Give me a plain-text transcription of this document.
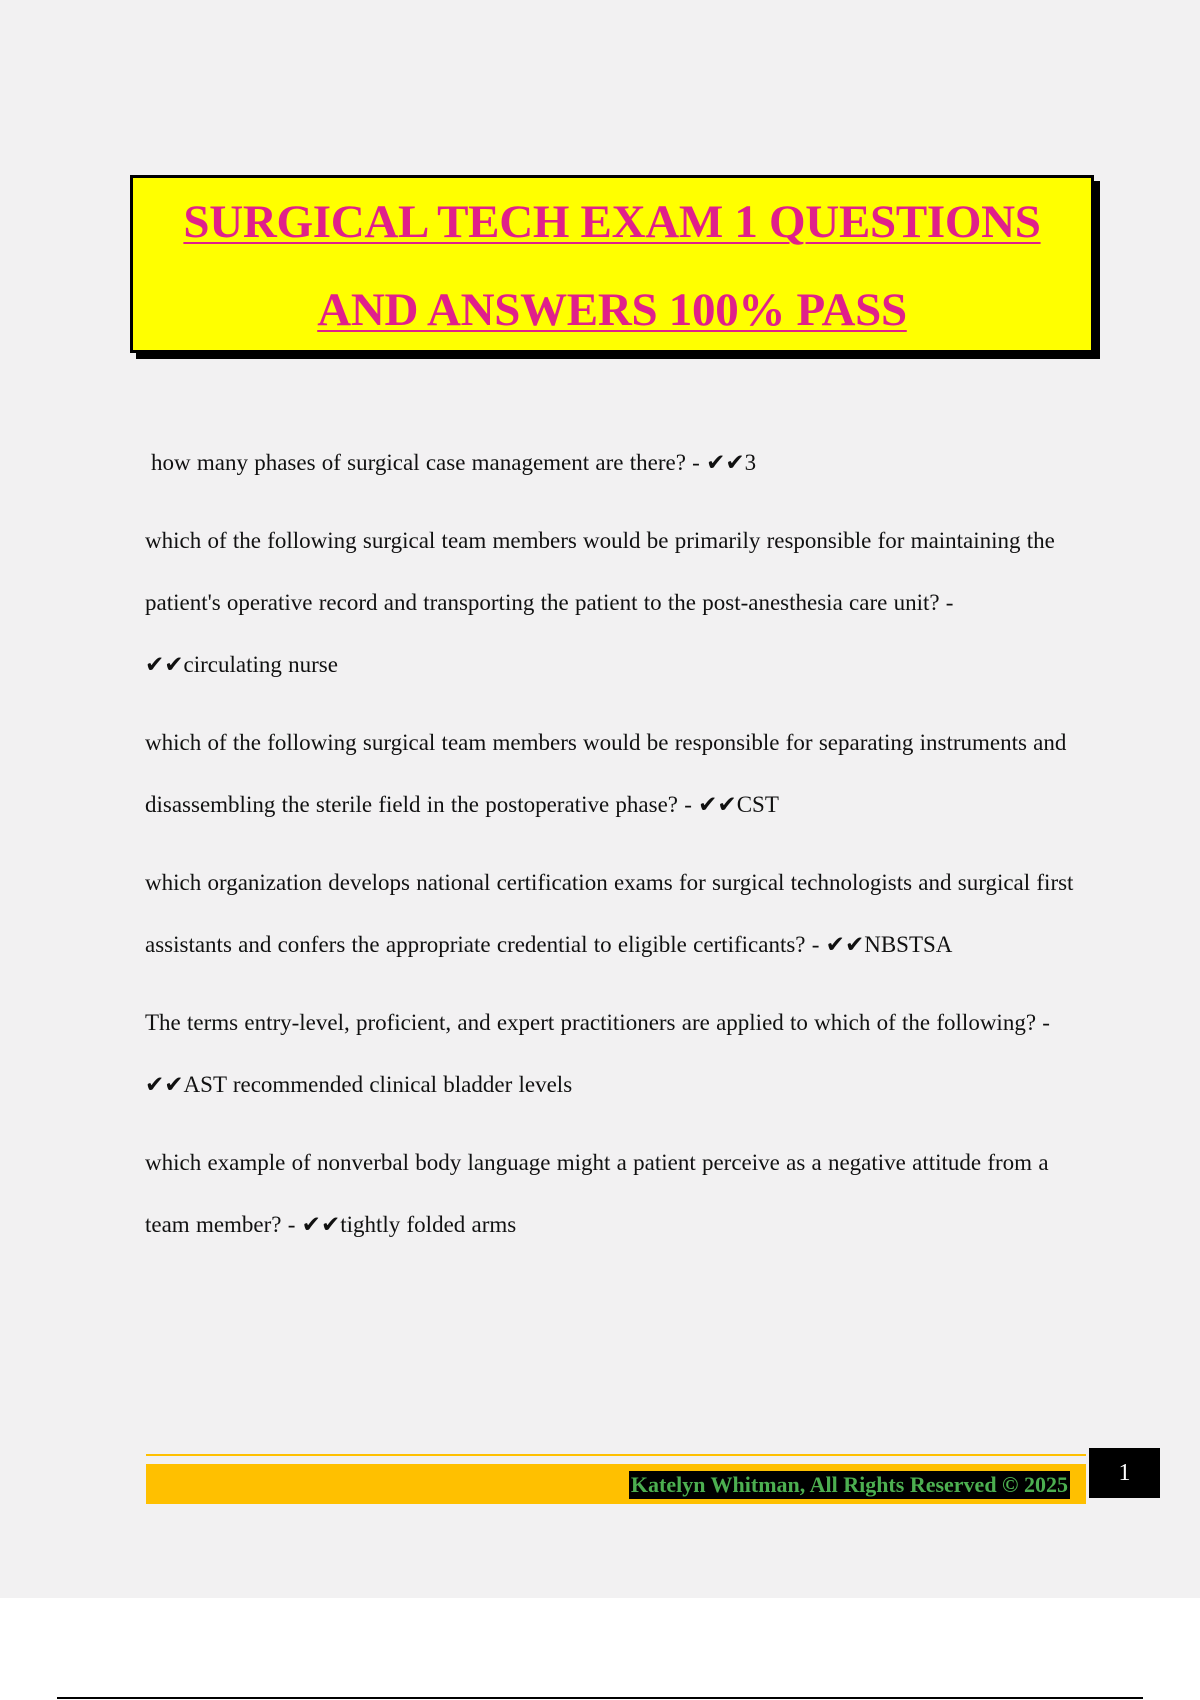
SURGICAL TECH EXAM 1 QUESTIONS
AND ANSWERS 100% PASS

how many phases of surgical case management are there? - ✔✔3

which of the following surgical team members would be primarily responsible for maintaining the patient's operative record and transporting the patient to the post-anesthesia care unit? - ✔✔circulating nurse

which of the following surgical team members would be responsible for separating instruments and disassembling the sterile field in the postoperative phase? - ✔✔CST

which organization develops national certification exams for surgical technologists and surgical first assistants and confers the appropriate credential to eligible certificants? - ✔✔NBSTSA

The terms entry-level, proficient, and expert practitioners are applied to which of the following? - ✔✔AST recommended clinical bladder levels

which example of nonverbal body language might a patient perceive as a negative attitude from a team member? - ✔✔tightly folded arms

Katelyn Whitman, All Rights Reserved © 2025	1
